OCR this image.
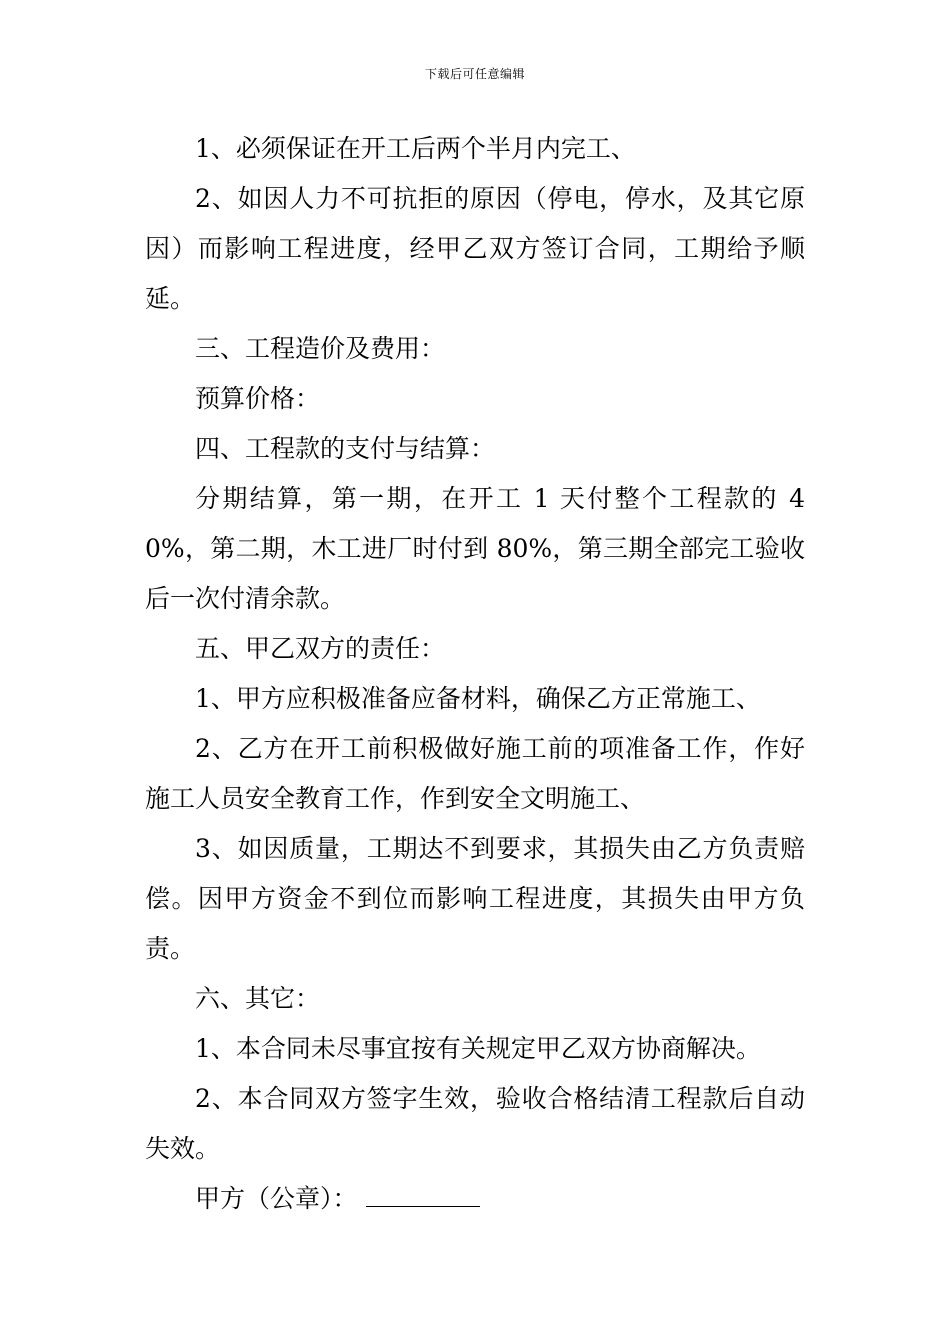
下载后可任意编辑

1、必须保证在开工后两个半月内完工、

2、如因人力不可抗拒的原因（停电，停水，及其它原因）而影响工程进度，经甲乙双方签订合同，工期给予顺延。

三、工程造价及费用：

预算价格：

四、工程款的支付与结算：

分期结算，第一期，在开工 1 天付整个工程款的 40%，第二期，木工进厂时付到 80%，第三期全部完工验收后一次付清余款。

五、甲乙双方的责任：

1、甲方应积极准备应备材料，确保乙方正常施工、

2、乙方在开工前积极做好施工前的项准备工作，作好施工人员安全教育工作，作到安全文明施工、

3、如因质量，工期达不到要求，其损失由乙方负责赔偿。因甲方资金不到位而影响工程进度，其损失由甲方负责。

六、其它：

1、本合同未尽事宜按有关规定甲乙双方协商解决。

2、本合同双方签字生效，验收合格结清工程款后自动失效。

甲方（公章）：
